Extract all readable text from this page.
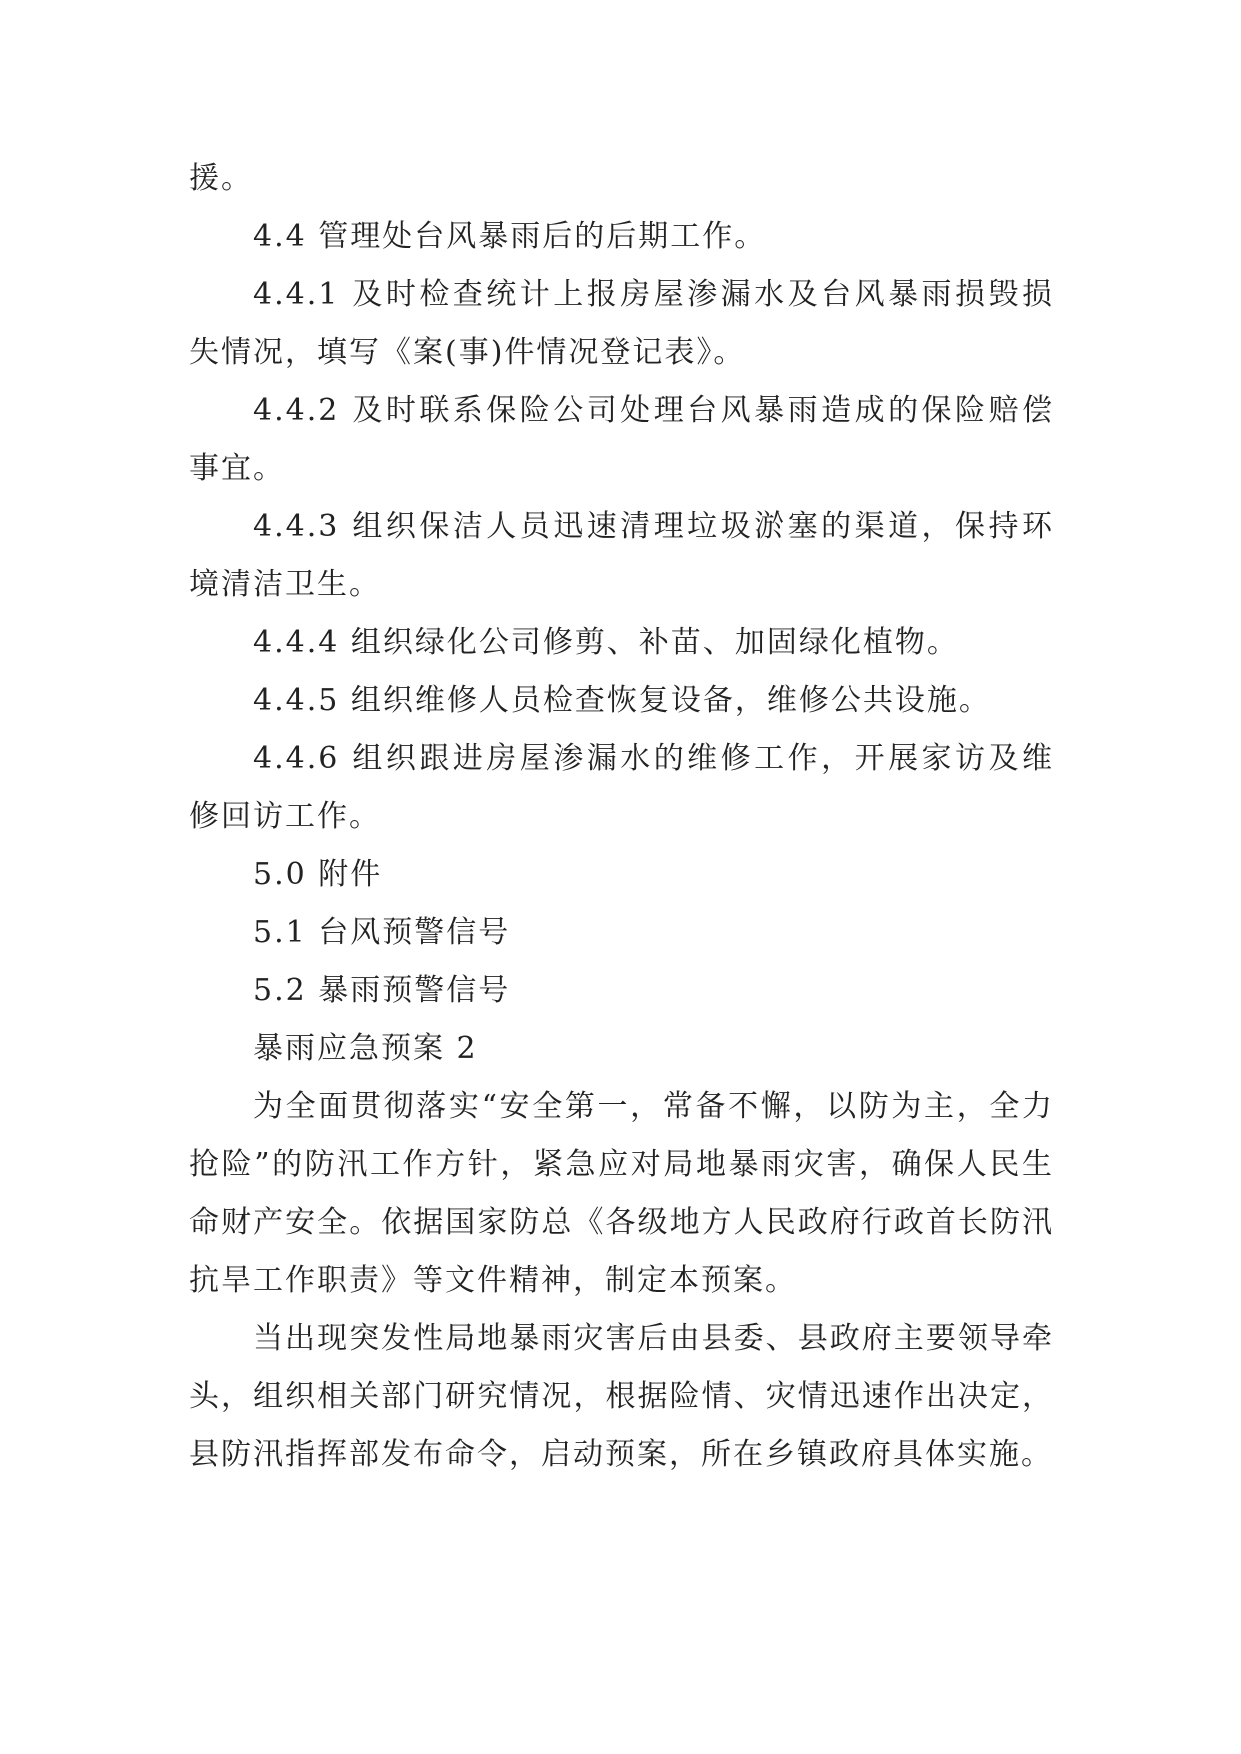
援。

4.4 管理处台风暴雨后的后期工作。

4.4.1 及时检查统计上报房屋渗漏水及台风暴雨损毁损失情况，填写《案(事)件情况登记表》。

4.4.2 及时联系保险公司处理台风暴雨造成的保险赔偿事宜。

4.4.3 组织保洁人员迅速清理垃圾淤塞的渠道，保持环境清洁卫生。

4.4.4 组织绿化公司修剪、补苗、加固绿化植物。

4.4.5 组织维修人员检查恢复设备，维修公共设施。

4.4.6 组织跟进房屋渗漏水的维修工作，开展家访及维修回访工作。

5.0 附件

5.1 台风预警信号

5.2 暴雨预警信号

暴雨应急预案 2

为全面贯彻落实“安全第一，常备不懈，以防为主，全力抢险”的防汛工作方针，紧急应对局地暴雨灾害，确保人民生命财产安全。依据国家防总《各级地方人民政府行政首长防汛抗旱工作职责》等文件精神，制定本预案。

当出现突发性局地暴雨灾害后由县委、县政府主要领导牵头，组织相关部门研究情况，根据险情、灾情迅速作出决定，县防汛指挥部发布命令，启动预案，所在乡镇政府具体实施。
